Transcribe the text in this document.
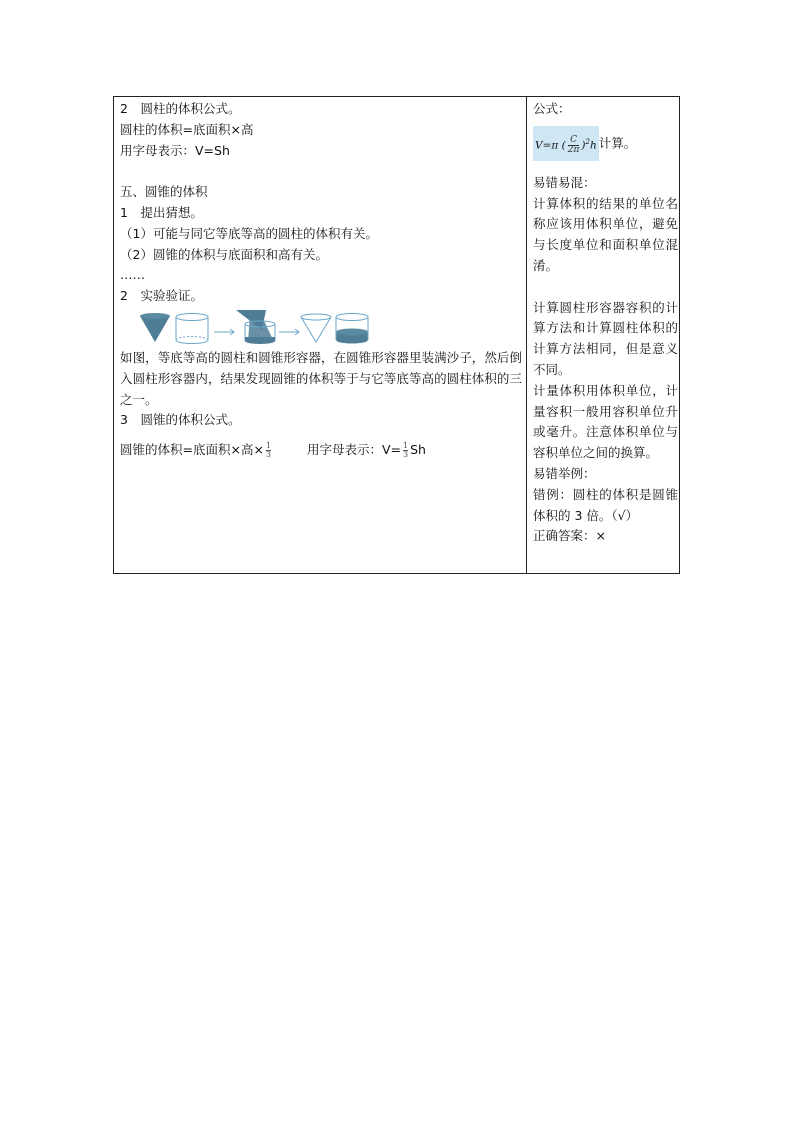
2　圆柱的体积公式。
圆柱的体积=底面积×高
用字母表示：V=Sh
五、圆锥的体积
1　提出猜想。
（1）可能与同它等底等高的圆柱的体积有关。
（2）圆锥的体积与底面积和高有关。
……
2　实验验证。
如图，等底等高的圆柱和圆锥形容器，在圆锥形容器里装满沙子，然后倒入圆柱形容器内，结果发现圆锥的体积等于与它等底等高的圆柱体积的三之一。
3　圆锥的体积公式。
圆锥的体积=底面积×高× $\frac{1}{3}$	用字母表示：$V= \frac{1}{3}$ Sh
公式：
V=π ( $\frac{C}{2\pi} )^2h$ 计算。
易错易混：
计算体积的结果的单位名称应该用体积单位，避免与长度单位和面积单位混淆。
计算圆柱形容器容积的计算方法和计算圆柱体积的计算方法相同，但是意义不同。
计量体积用体积单位，计量容积一般用容积单位升或毫升。注意体积单位与容积单位之间的换算。
易错举例：
错例：圆柱的体积是圆锥体积的 3 倍。（√）
正确答案：×
